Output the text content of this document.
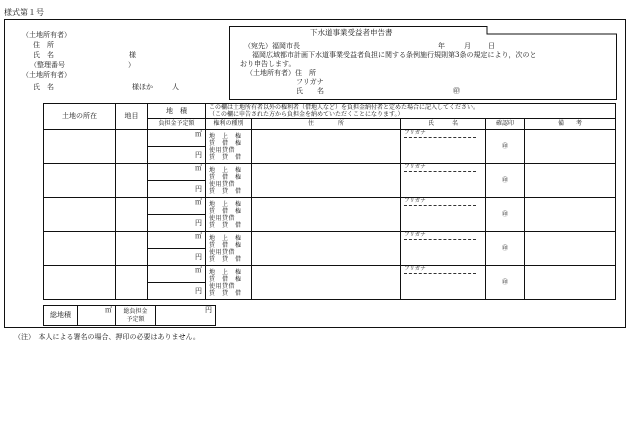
様式第１号
（土地所有者）
住　所
氏　名	様
（整理番号	）
（土地所有者）
氏　名	様ほか	人
下水道事業受益者申告書
（宛先）福岡市長	年	月 日
福岡広域都市計画下水道事業受益者負担に関する条例施行規則第3条の規定により，次のと
おり申告します。
（土地所有者）住　所
フリガナ
氏　　名	㊞
土地の所在	地目	地　積	この欄は土地所有者以外の権利者（借地人など）を負担金納付者と定めた場合に記入してください。
（この欄に申告された方から負担金を納めていただくことになります。）				

		負担金予定額	権利の種別	住　　　　所	氏　　　名	確認印	備　　考
		㎡	地　上　権
賃　借　権
使用貸借
賃　貸　借		フリガナ	㊞	
		円					
		㎡	地　上　権
賃　借　権
使用貸借
賃　貸　借		フリガナ	㊞	
		円					
		㎡	地　上　権
賃　借　権
使用貸借
賃　貸　借		フリガナ	㊞	
		円					
		㎡	地　上　権
賃　借　権
使用貸借
賃　貸　借		フリガナ	㊞	
		円					
		㎡	地　上　権
賃　借　権
使用貸借
賃　貸　借		フリガナ	㊞	
		円					
総地積	㎡	総負担金
予定額
	円
（注）　本人による署名の場合、押印の必要はありません。
